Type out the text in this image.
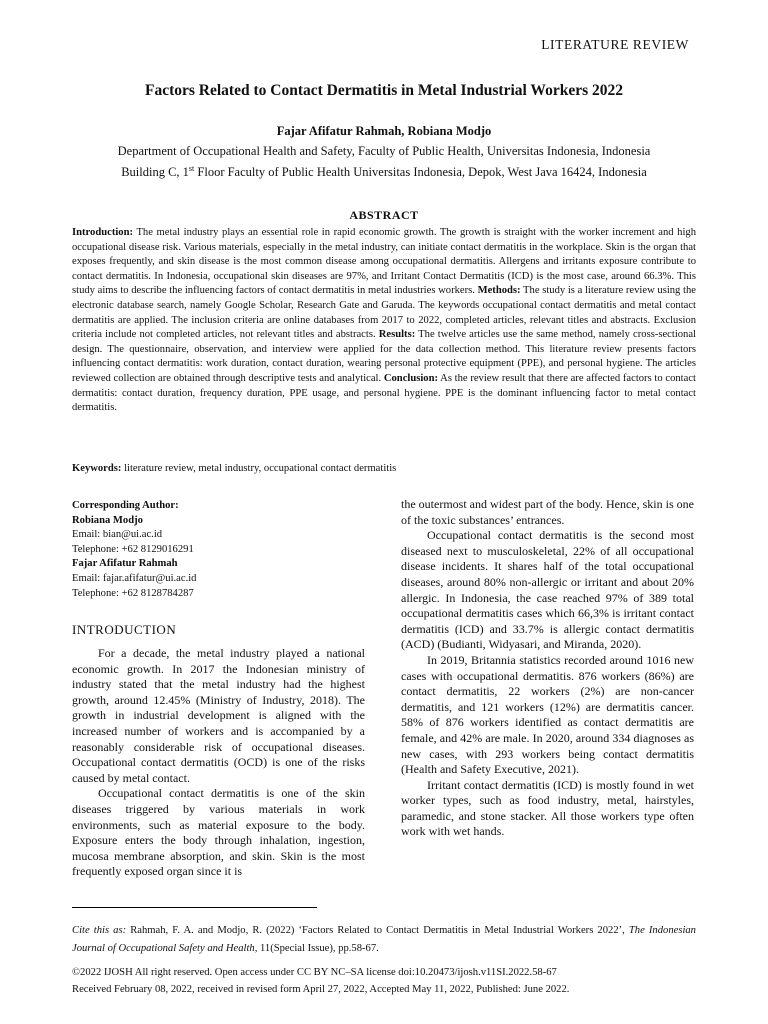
LITERATURE REVIEW
Factors Related to Contact Dermatitis in Metal Industrial Workers 2022
Fajar Afifatur Rahmah, Robiana Modjo
Department of Occupational Health and Safety, Faculty of Public Health, Universitas Indonesia, Indonesia
Building C, 1st Floor Faculty of Public Health Universitas Indonesia, Depok, West Java 16424, Indonesia
ABSTRACT
Introduction: The metal industry plays an essential role in rapid economic growth. The growth is straight with the worker increment and high occupational disease risk. Various materials, especially in the metal industry, can initiate contact dermatitis in the workplace. Skin is the organ that exposes frequently, and skin disease is the most common disease among occupational dermatitis. Allergens and irritants exposure contribute to contact dermatitis. In Indonesia, occupational skin diseases are 97%, and Irritant Contact Dermatitis (ICD) is the most case, around 66.3%. This study aims to describe the influencing factors of contact dermatitis in metal industries workers. Methods: The study is a literature review using the electronic database search, namely Google Scholar, Research Gate and Garuda. The keywords occupational contact dermatitis and metal contact dermatitis are applied. The inclusion criteria are online databases from 2017 to 2022, completed articles, relevant titles and abstracts. Exclusion criteria include not completed articles, not relevant titles and abstracts. Results: The twelve articles use the same method, namely cross-sectional design. The questionnaire, observation, and interview were applied for the data collection method. This literature review presents factors influencing contact dermatitis: work duration, contact duration, wearing personal protective equipment (PPE), and personal hygiene. The articles reviewed collection are obtained through descriptive tests and analytical. Conclusion: As the review result that there are affected factors to contact dermatitis: contact duration, frequency duration, PPE usage, and personal hygiene. PPE is the dominant influencing factor to metal contact dermatitis.
Keywords: literature review, metal industry, occupational contact dermatitis
Corresponding Author:
Robiana Modjo
Email: bian@ui.ac.id
Telephone: +62 8129016291
Fajar Afifatur Rahmah
Email: fajar.afifatur@ui.ac.id
Telephone: +62 8128784287
INTRODUCTION

For a decade, the metal industry played a national economic growth. In 2017 the Indonesian ministry of industry stated that the metal industry had the highest growth, around 12.45% (Ministry of Industry, 2018). The growth in industrial development is aligned with the increased number of workers and is accompanied by a reasonably considerable risk of occupational diseases. Occupational contact dermatitis (OCD) is one of the risks caused by metal contact.

Occupational contact dermatitis is one of the skin diseases triggered by various materials in work environments, such as material exposure to the body. Exposure enters the body through inhalation, ingestion, mucosa membrane absorption, and skin. Skin is the most frequently exposed organ since it is

the outermost and widest part of the body. Hence, skin is one of the toxic substances’ entrances.

Occupational contact dermatitis is the second most diseased next to musculoskeletal, 22% of all occupational disease incidents. It shares half of the total occupational diseases, around 80% non-allergic or irritant and about 20% allergic. In Indonesia, the case reached 97% of 389 total occupational dermatitis cases which 66,3% is irritant contact dermatitis (ICD) and 33.7% is allergic contact dermatitis (ACD) (Budianti, Widyasari, and Miranda, 2020).

In 2019, Britannia statistics recorded around 1016 new cases with occupational dermatitis. 876 workers (86%) are contact dermatitis, 22 workers (2%) are non-cancer dermatitis, and 121 workers (12%) are dermatitis cancer. 58% of 876 workers identified as contact dermatitis are female, and 42% are male. In 2020, around 334 diagnoses as new cases, with 293 workers being contact dermatitis (Health and Safety Executive, 2021).

Irritant contact dermatitis (ICD) is mostly found in wet worker types, such as food industry, metal, hairstyles, paramedic, and stone stacker. All those workers type often work with wet hands.

Cite this as: Rahmah, F. A. and Modjo, R. (2022) ‘Factors Related to Contact Dermatitis in Metal Industrial Workers 2022’, The Indonesian Journal of Occupational Safety and Health, 11(Special Issue), pp.58-67.
©2022 IJOSH All right reserved. Open access under CC BY NC–SA license doi:10.20473/ijosh.v11SI.2022.58-67
Received February 08, 2022, received in revised form April 27, 2022, Accepted May 11, 2022, Published: June 2022.
